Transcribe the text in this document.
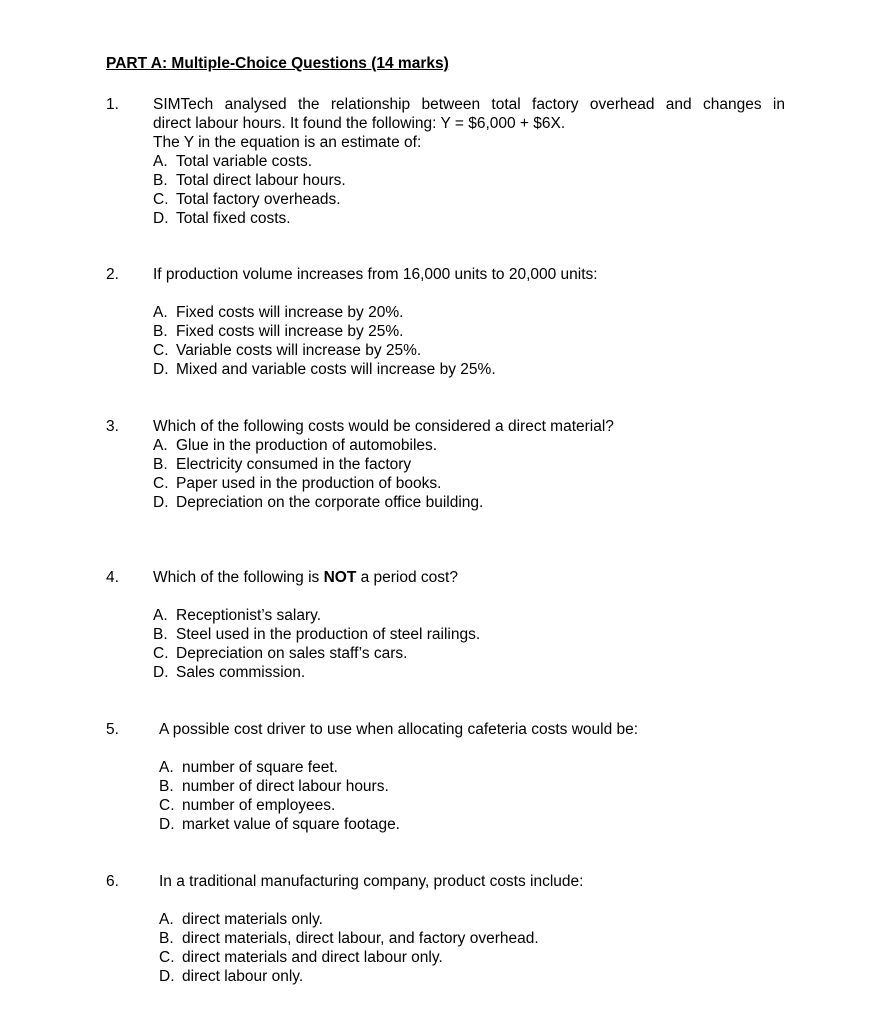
PART A: Multiple-Choice Questions (14 marks)
1. SIMTech analysed the relationship between total factory overhead and changes in
direct labour hours. It found the following: Y = $6,000 + $6X.
The Y in the equation is an estimate of:
A. Total variable costs.
B. Total direct labour hours.
C. Total factory overheads.
D. Total fixed costs.
2. If production volume increases from 16,000 units to 20,000 units:
A. Fixed costs will increase by 20%.
B. Fixed costs will increase by 25%.
C. Variable costs will increase by 25%.
D. Mixed and variable costs will increase by 25%.
3. Which of the following costs would be considered a direct material?
A. Glue in the production of automobiles.
B. Electricity consumed in the factory
C. Paper used in the production of books.
D. Depreciation on the corporate office building.
4. Which of the following is NOT a period cost?
A. Receptionist’s salary.
B. Steel used in the production of steel railings.
C. Depreciation on sales staff’s cars.
D. Sales commission.
5.	A possible cost driver to use when allocating cafeteria costs would be:
A. number of square feet.
B. number of direct labour hours.
C. number of employees.
D. market value of square footage.
6.	In a traditional manufacturing company, product costs include:
A. direct materials only.
B. direct materials, direct labour, and factory overhead.
C. direct materials and direct labour only.
D. direct labour only.
